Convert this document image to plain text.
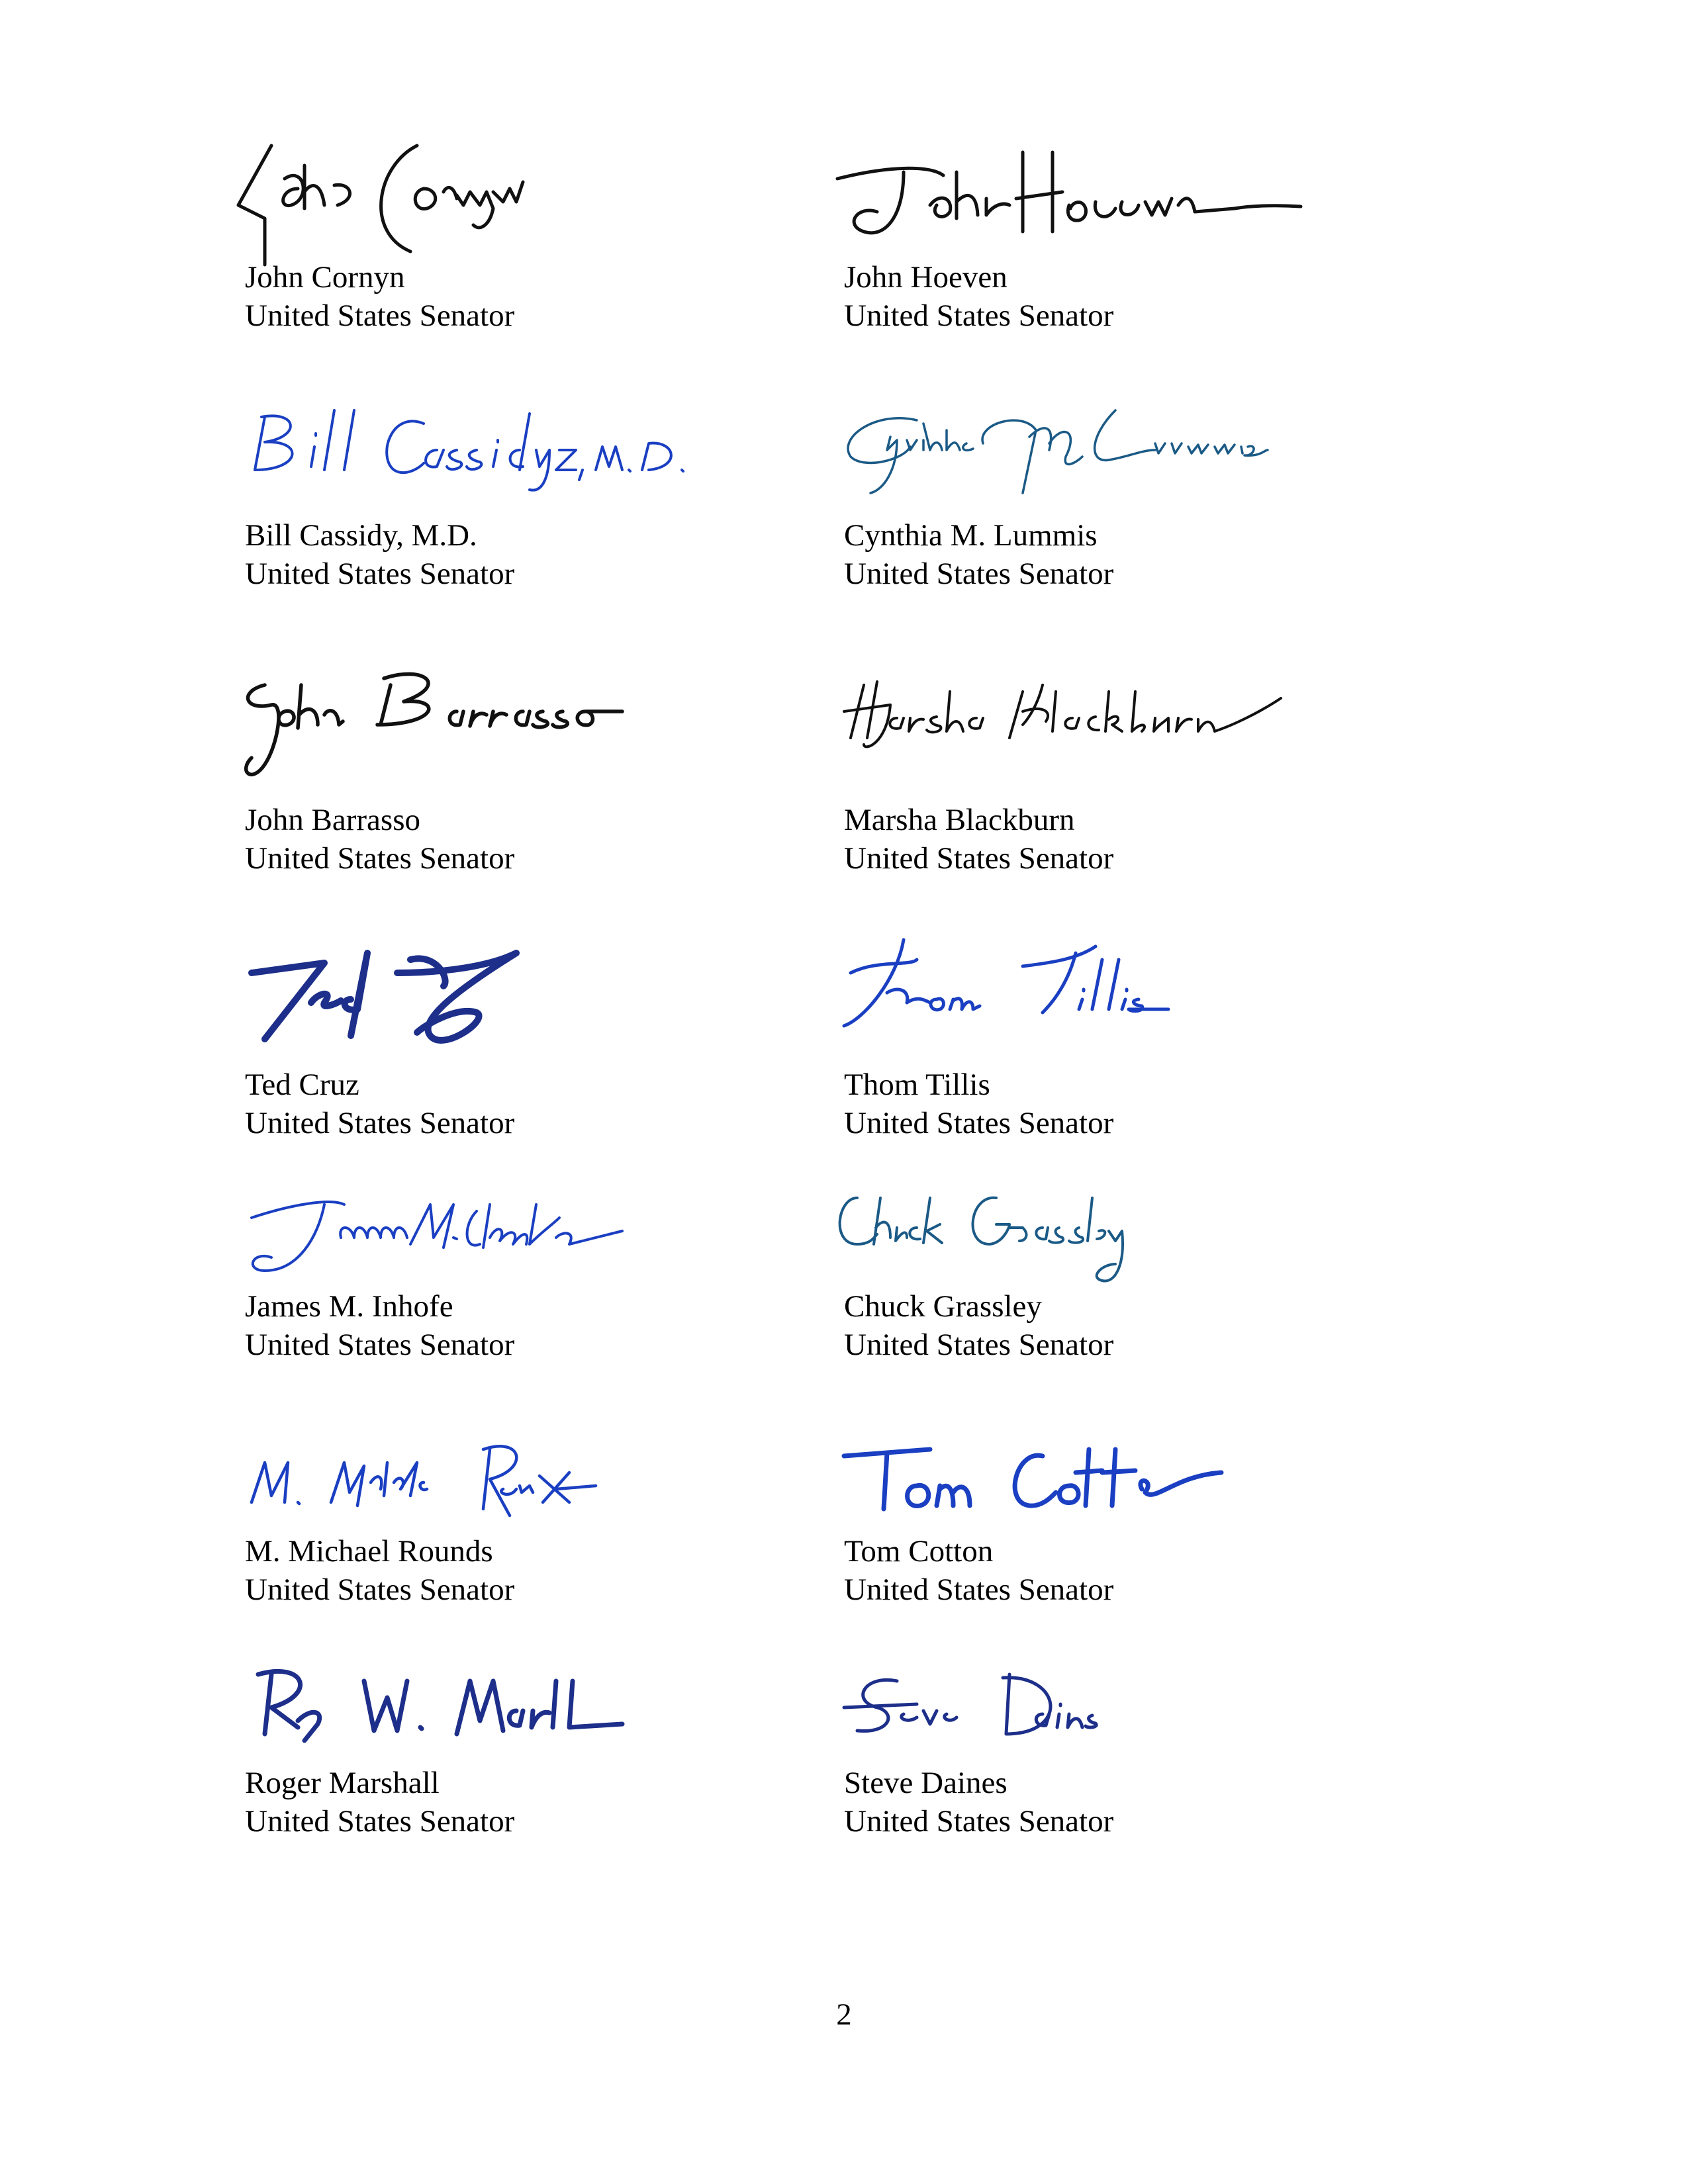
John Cornyn
United States Senator
John Hoeven
United States Senator
Bill Cassidy, M.D.
United States Senator
Cynthia M. Lummis
United States Senator
John Barrasso
United States Senator
Marsha Blackburn
United States Senator
Ted Cruz
United States Senator
Thom Tillis
United States Senator
James M. Inhofe
United States Senator
Chuck Grassley
United States Senator
M. Michael Rounds
United States Senator
Tom Cotton
United States Senator
Roger Marshall
United States Senator
Steve Daines
United States Senator
2
